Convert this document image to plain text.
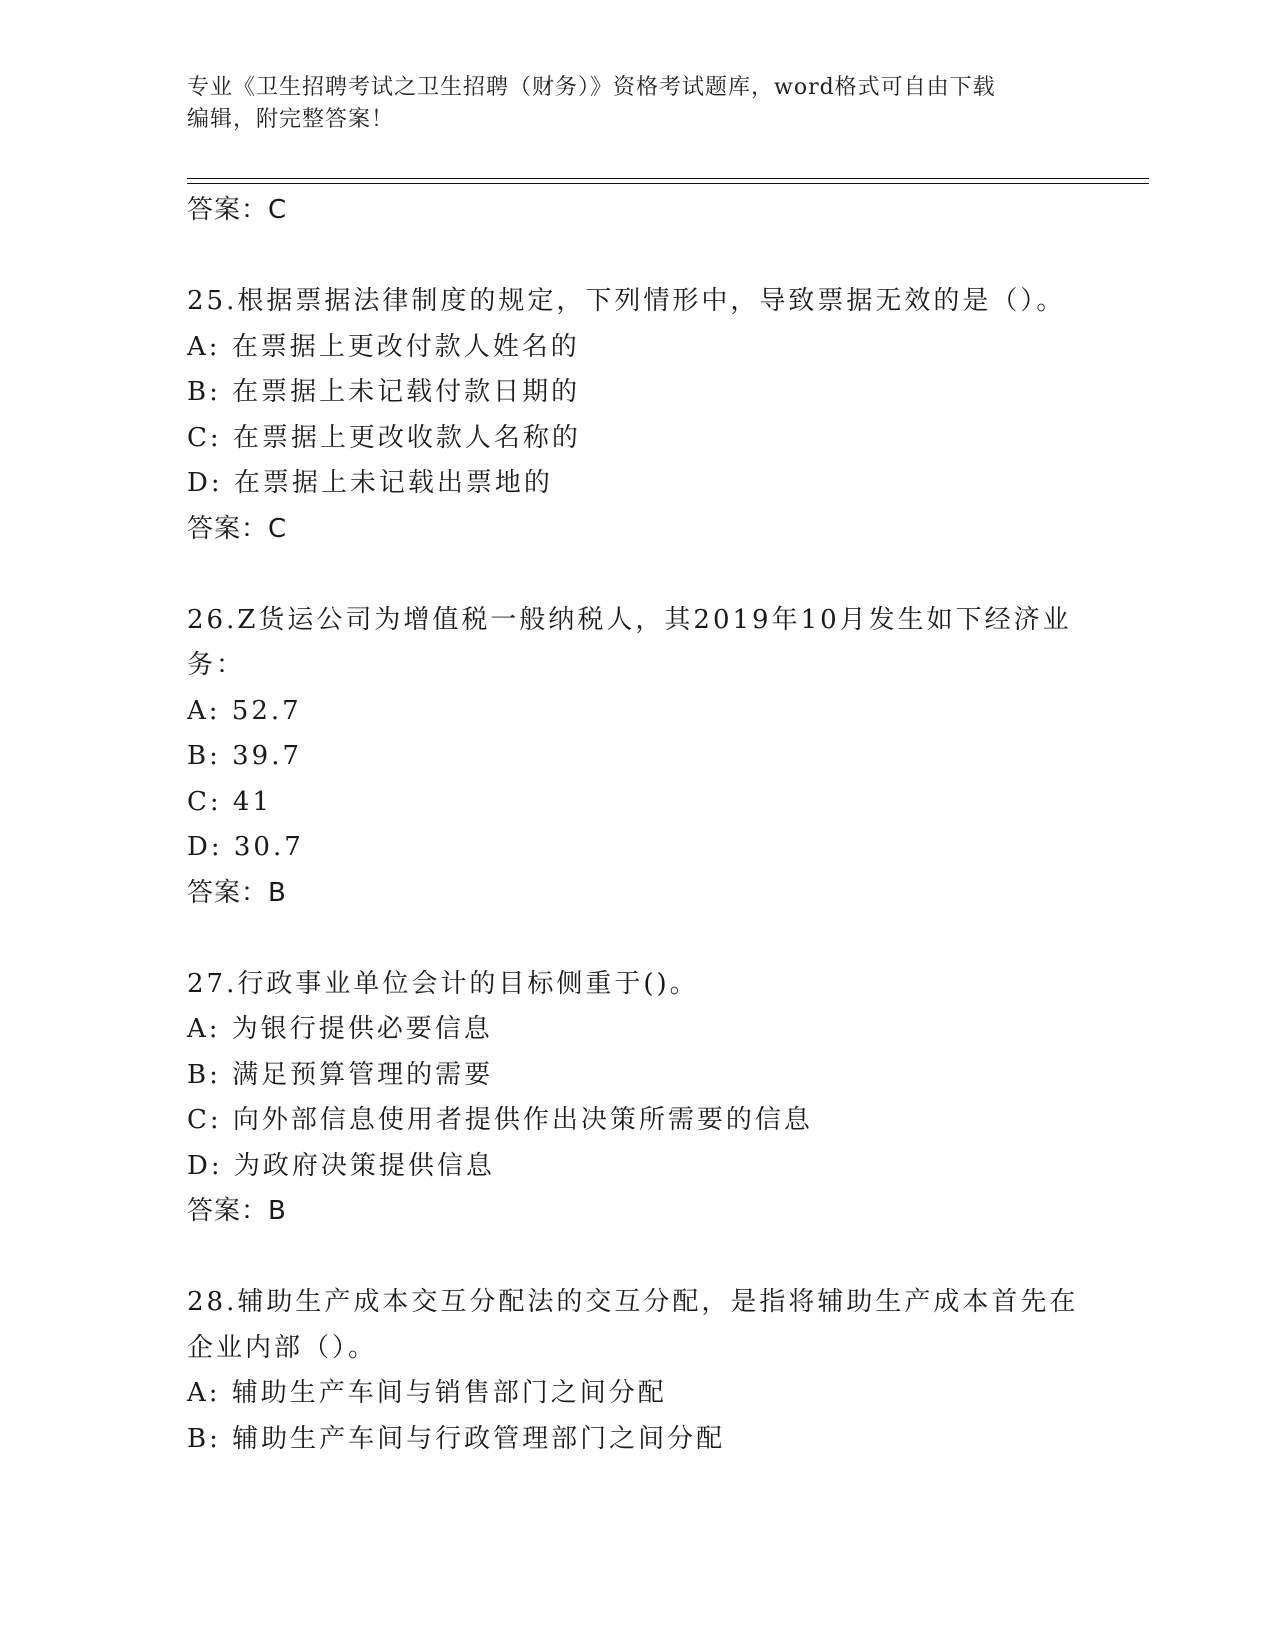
专业《卫生招聘考试之卫生招聘（财务）》资格考试题库，word格式可自由下载
编辑，附完整答案！
答案：C
25.根据票据法律制度的规定，下列情形中，导致票据无效的是（）。
A: 在票据上更改付款人姓名的
B: 在票据上未记载付款日期的
C: 在票据上更改收款人名称的
D: 在票据上未记载出票地的
答案：C
26.Z货运公司为增值税一般纳税人，其2019年10月发生如下经济业
务：
A: 52.7
B: 39.7
C: 41
D: 30.7
答案：B
27.行政事业单位会计的目标侧重于()。
A: 为银行提供必要信息
B: 满足预算管理的需要
C: 向外部信息使用者提供作出决策所需要的信息
D: 为政府决策提供信息
答案：B
28.辅助生产成本交互分配法的交互分配，是指将辅助生产成本首先在
企业内部（）。
A: 辅助生产车间与销售部门之间分配
B: 辅助生产车间与行政管理部门之间分配
